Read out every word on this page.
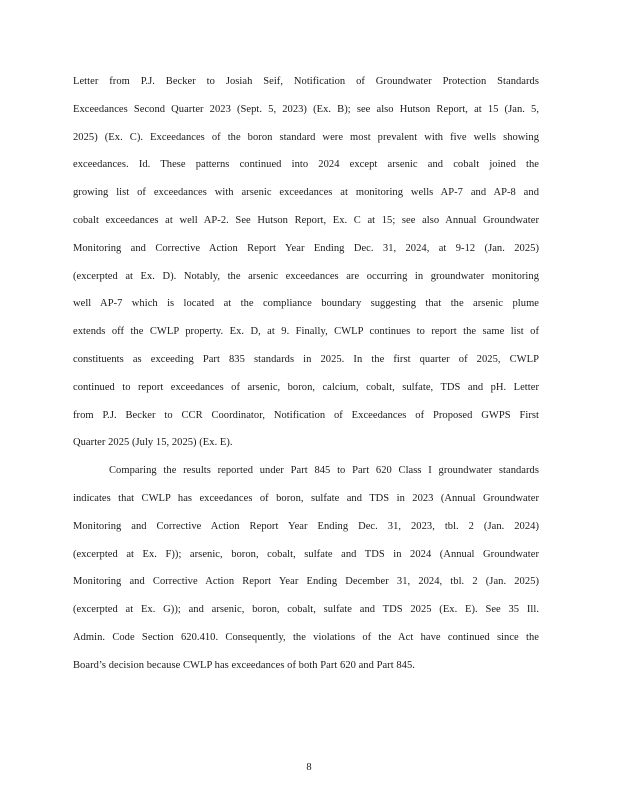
Letter from P.J. Becker to Josiah Seif, Notification of Groundwater Protection Standards
Exceedances Second Quarter 2023 (Sept. 5, 2023) (Ex. B); see also Hutson Report, at 15 (Jan. 5,
2025) (Ex. C). Exceedances of the boron standard were most prevalent with five wells showing
exceedances. Id. These patterns continued into 2024 except arsenic and cobalt joined the
growing list of exceedances with arsenic exceedances at monitoring wells AP-7 and AP-8 and
cobalt exceedances at well AP-2. See Hutson Report, Ex. C at 15; see also Annual Groundwater
Monitoring and Corrective Action Report Year Ending Dec. 31, 2024, at 9-12 (Jan. 2025)
(excerpted at Ex. D). Notably, the arsenic exceedances are occurring in groundwater monitoring
well AP-7 which is located at the compliance boundary suggesting that the arsenic plume
extends off the CWLP property. Ex. D, at 9. Finally, CWLP continues to report the same list of
constituents as exceeding Part 835 standards in 2025. In the first quarter of 2025, CWLP
continued to report exceedances of arsenic, boron, calcium, cobalt, sulfate, TDS and pH. Letter
from P.J. Becker to CCR Coordinator, Notification of Exceedances of Proposed GWPS First
Quarter 2025 (July 15, 2025) (Ex. E).
Comparing the results reported under Part 845 to Part 620 Class I groundwater standards
indicates that CWLP has exceedances of boron, sulfate and TDS in 2023 (Annual Groundwater
Monitoring and Corrective Action Report Year Ending Dec. 31, 2023, tbl. 2 (Jan. 2024)
(excerpted at Ex. F)); arsenic, boron, cobalt, sulfate and TDS in 2024 (Annual Groundwater
Monitoring and Corrective Action Report Year Ending December 31, 2024, tbl. 2 (Jan. 2025)
(excerpted at Ex. G)); and arsenic, boron, cobalt, sulfate and TDS 2025 (Ex. E). See 35 Ill.
Admin. Code Section 620.410. Consequently, the violations of the Act have continued since the
Board’s decision because CWLP has exceedances of both Part 620 and Part 845.
8
